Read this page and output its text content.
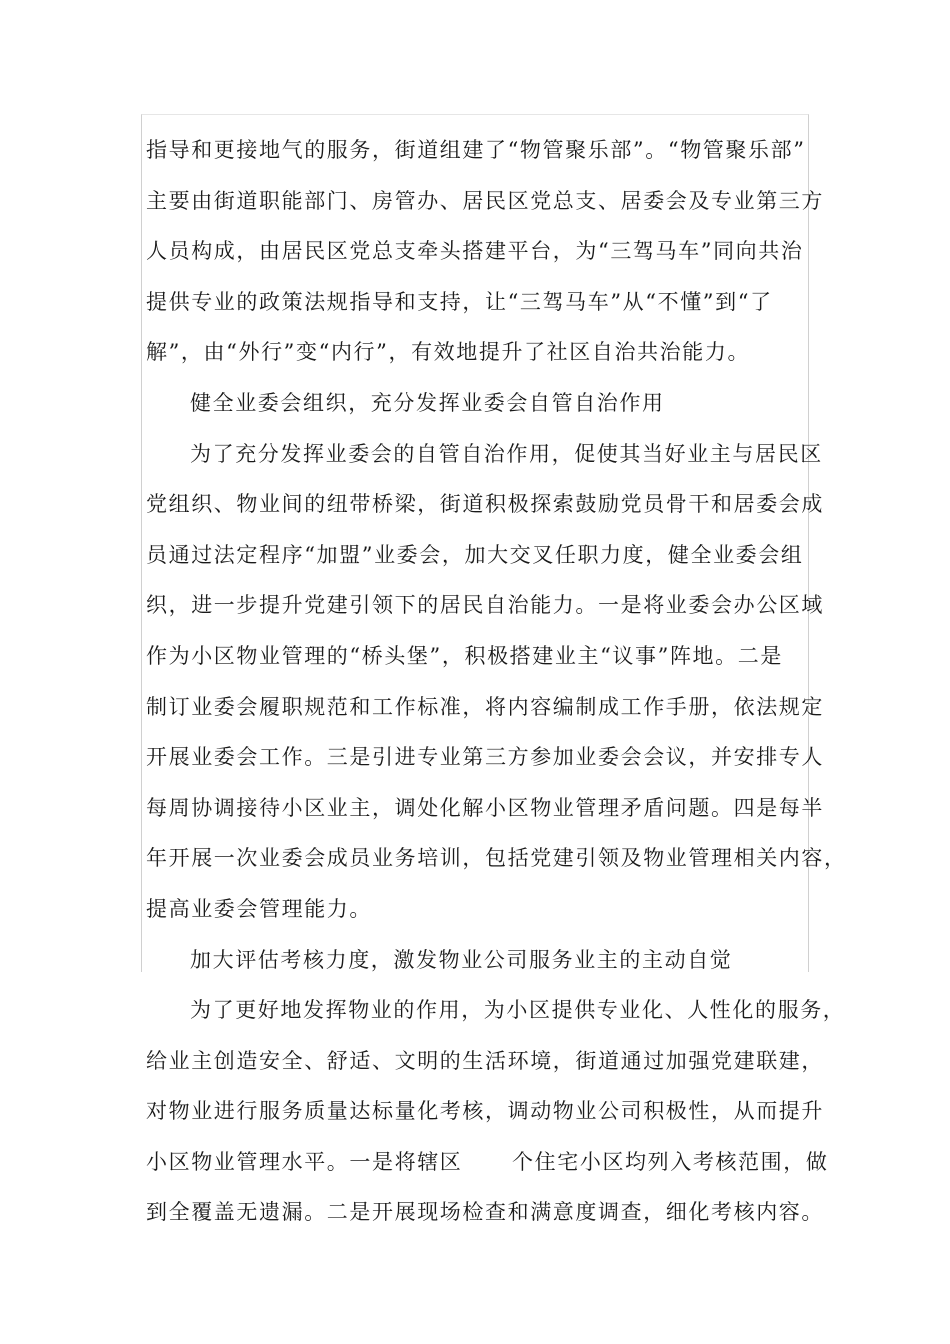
指导和更接地气的服务，街道组建了“物管聚乐部”。“物管聚乐部”
主要由街道职能部门、房管办、居民区党总支、居委会及专业第三方
人员构成，由居民区党总支牵头搭建平台，为“三驾马车”同向共治
提供专业的政策法规指导和支持，让“三驾马车”从“不懂”到“了
解”，由“外行”变“内行”，有效地提升了社区自治共治能力。
健全业委会组织，充分发挥业委会自管自治作用
为了充分发挥业委会的自管自治作用，促使其当好业主与居民区
党组织、物业间的纽带桥梁，街道积极探索鼓励党员骨干和居委会成
员通过法定程序“加盟”业委会，加大交叉任职力度，健全业委会组
织，进一步提升党建引领下的居民自治能力。一是将业委会办公区域
作为小区物业管理的“桥头堡”，积极搭建业主“议事”阵地。二是
制订业委会履职规范和工作标准，将内容编制成工作手册，依法规定
开展业委会工作。三是引进专业第三方参加业委会会议，并安排专人
每周协调接待小区业主，调处化解小区物业管理矛盾问题。四是每半
年开展一次业委会成员业务培训，包括党建引领及物业管理相关内容，
提高业委会管理能力。
加大评估考核力度，激发物业公司服务业主的主动自觉
为了更好地发挥物业的作用，为小区提供专业化、人性化的服务，
给业主创造安全、舒适、文明的生活环境，街道通过加强党建联建，
对物业进行服务质量达标量化考核，调动物业公司积极性，从而提升
小区物业管理水平。一是将辖区      个住宅小区均列入考核范围，做
到全覆盖无遗漏。二是开展现场检查和满意度调查，细化考核内容。
